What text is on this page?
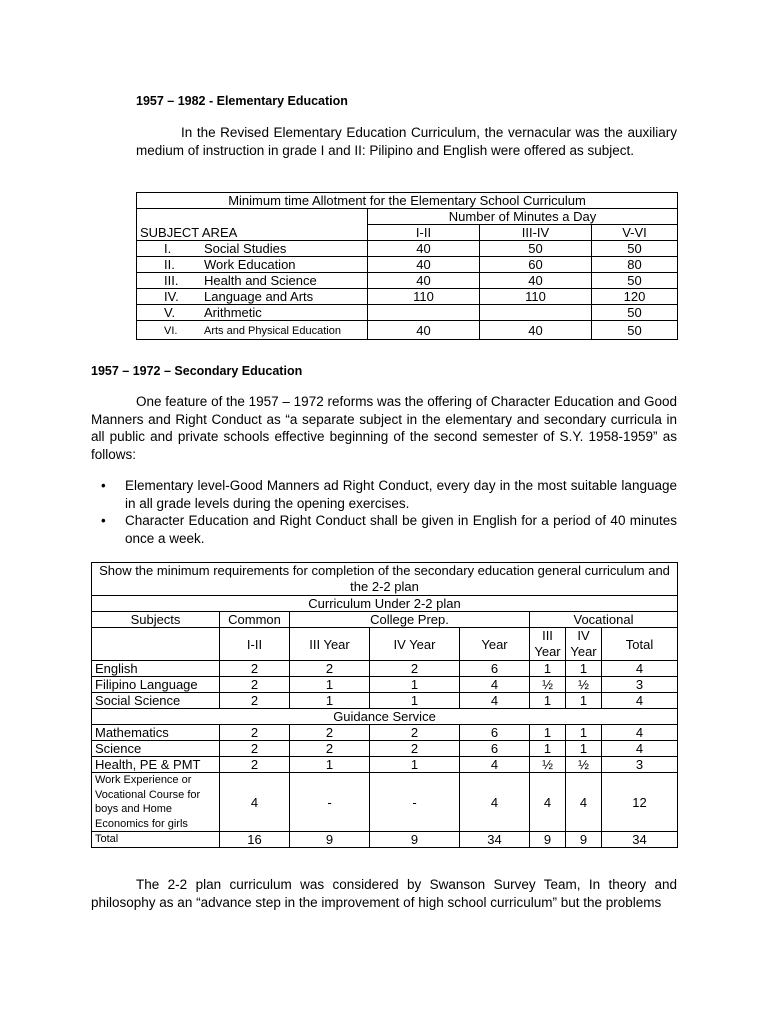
1957 – 1982 - Elementary Education

In the Revised Elementary Education Curriculum, the vernacular was the auxiliary medium of instruction in grade I and II: Pilipino and English were offered as subject.

Minimum time Allotment for the Elementary School Curriculum			
	Number of Minutes a Day		
SUBJECT AREA	I-II	III-IV	V-VI
I. Social Studies	40	50	50
II. Work Education	40	60	80
III. Health and Science	40	40	50
IV. Language and Arts	110	110	120
V. Arithmetic			50
VI. Arts and Physical Education	40	40	50
1957 – 1972 – Secondary Education

One feature of the 1957 – 1972 reforms was the offering of Character Education and Good Manners and Right Conduct as “a separate subject in the elementary and secondary curricula in all public and private schools effective beginning of the second semester of S.Y. 1958-1959” as follows:

• Elementary level-Good Manners ad Right Conduct, every day in the most suitable language in all grade levels during the opening exercises.
• Character Education and Right Conduct shall be given in English for a period of 40 minutes once a week.
Show the minimum requirements for completion of the secondary education general curriculum and the 2-2 plan							
Curriculum Under 2-2 plan							
Subjects	Common	College Prep.			Vocational		
	I-II	III Year	IV Year	Year	III Year	IV Year	Total
English	2	2	2	6	1	1	4
Filipino Language	2	1	1	4	½	½	3
Social Science	2	1	1	4	1	1	4
Guidance Service							
Mathematics	2	2	2	6	1	1	4
Science	2	2	2	6	1	1	4
Health, PE & PMT	2	1	1	4	½	½	3
Work Experience or Vocational Course for boys and Home Economics for girls	4	-	-	4	4	4	12
Total	16	9	9	34	9	9	34

The 2-2 plan curriculum was considered by Swanson Survey Team, In theory and philosophy as an “advance step in the improvement of high school curriculum” but the problems
